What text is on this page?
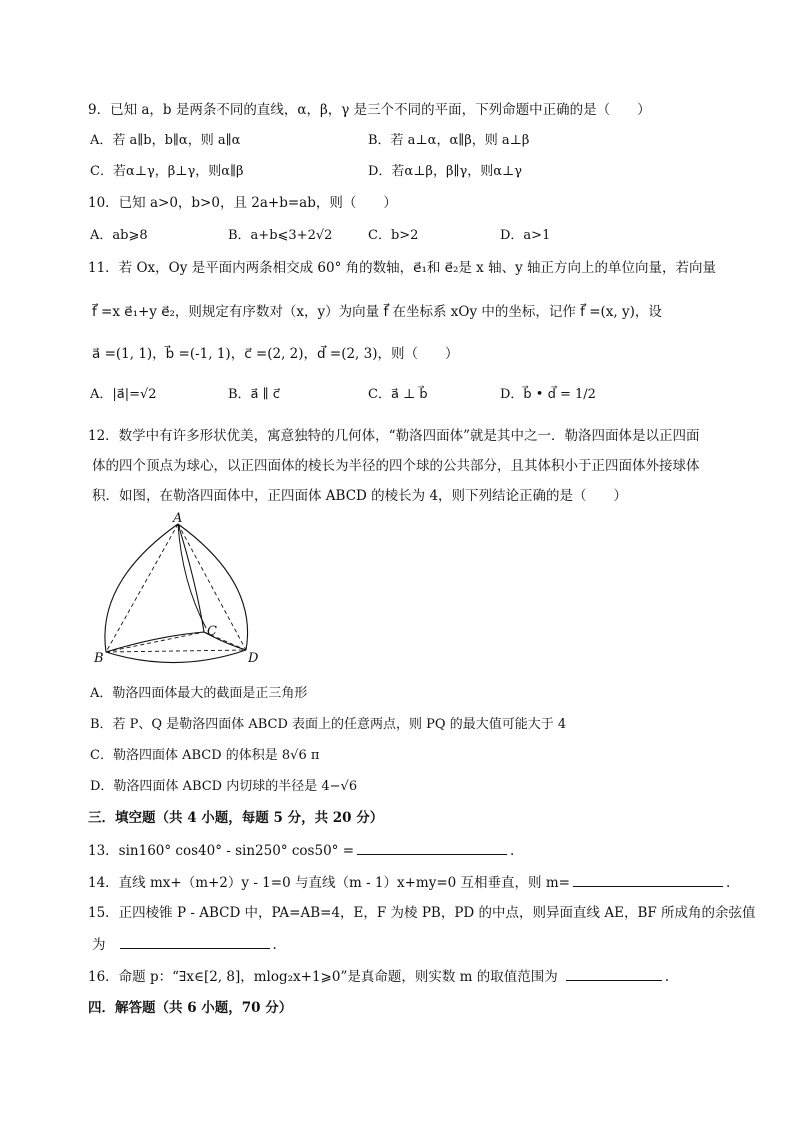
9．已知 a，b 是两条不同的直线，α，β，γ 是三个不同的平面，下列命题中正确的是（　　）
A．若 a∥b，b∥α，则 a∥α	B．若 a⊥α，α∥β，则 a⊥β
C．若α⊥γ，β⊥γ，则α∥β	D．若α⊥β，β∥γ，则α⊥γ
10．已知 a>0，b>0，且 2a+b=ab，则（　　）
A．ab⩾8	B．a+b⩽3+2√2	C．b>2	D．a>1
11．若 Ox，Oy 是平面内两条相交成 60° 角的数轴，e⃗₁和 e⃗₂是 x 轴、y 轴正方向上的单位向量，若向量
f⃗ =x e⃗₁+y e⃗₂，则规定有序数对（x，y）为向量 f⃗ 在坐标系 xOy 中的坐标，记作 f⃗ =(x, y)，设
a⃗ =(1, 1)，b⃗ =(-1, 1)，c⃗ =(2, 2)，d⃗ =(2, 3)，则（　　）
A．|a⃗|=√2	B．a⃗ ∥ c⃗	C．a⃗ ⊥ b⃗	D．b⃗ • d⃗ = 1/2
12．数学中有许多形状优美，寓意独特的几何体，“勒洛四面体”就是其中之一．勒洛四面体是以正四面
体的四个顶点为球心，以正四面体的棱长为半径的四个球的公共部分，且其体积小于正四面体外接球体
积．如图，在勒洛四面体中，正四面体 ABCD 的棱长为 4，则下列结论正确的是（　　）
A
B
C
D
A．勒洛四面体最大的截面是正三角形
B．若 P、Q 是勒洛四面体 ABCD 表面上的任意两点，则 PQ 的最大值可能大于 4
C．勒洛四面体 ABCD 的体积是 8√6 π
D．勒洛四面体 ABCD 内切球的半径是 4−√6
三．填空题（共 4 小题，每题 5 分，共 20 分）
13．sin160° cos40° - sin250° cos50° =	.
14．直线 mx+（m+2）y - 1=0 与直线（m - 1）x+my=0 互相垂直，则 m=	.
15．正四棱锥 P - ABCD 中，PA=AB=4，E，F 为棱 PB，PD 的中点，则异面直线 AE，BF 所成角的余弦值
为	.
16．命题 p：“∃x∈[2, 8]，mlog₂x+1⩾0”是真命题，则实数 m 的取值范围为	.
四．解答题（共 6 小题，70 分）
